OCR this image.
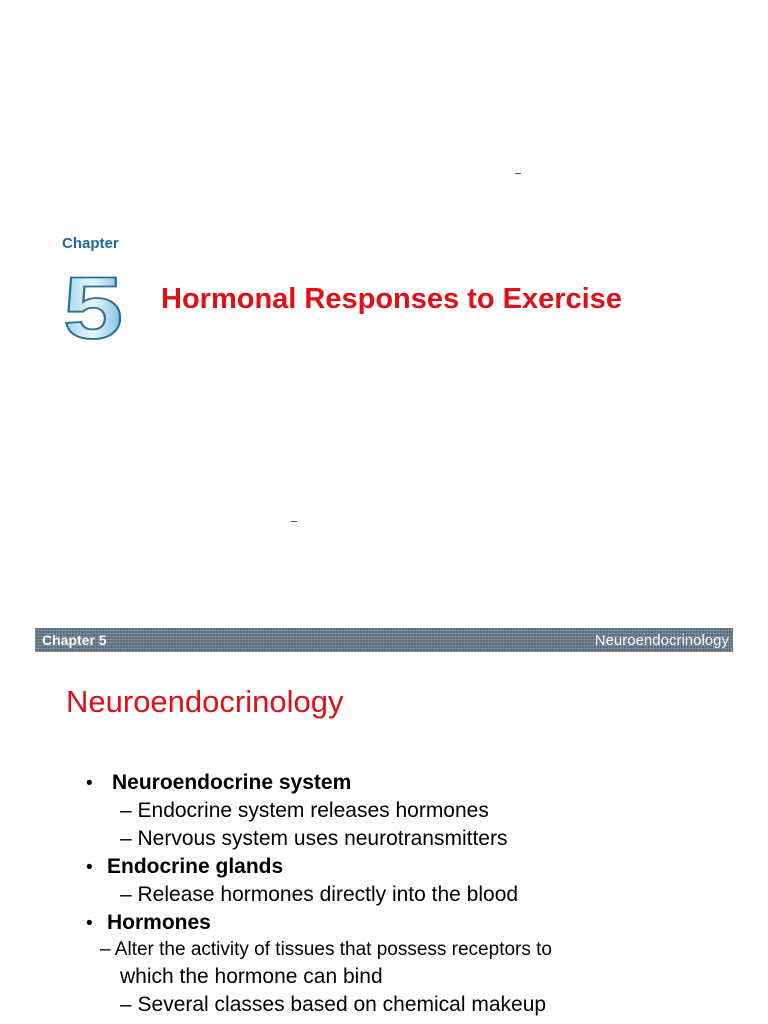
Chapter
5 Hormonal Responses to Exercise
Chapter 5	Neuroendocrinology
Neuroendocrinology
• Neuroendocrine system
– Endocrine system releases hormones
– Nervous system uses neurotransmitters
• Endocrine glands
– Release hormones directly into the blood
• Hormones
– Alter the activity of tissues that possess receptors to
which the hormone can bind
– Several classes based on chemical makeup
